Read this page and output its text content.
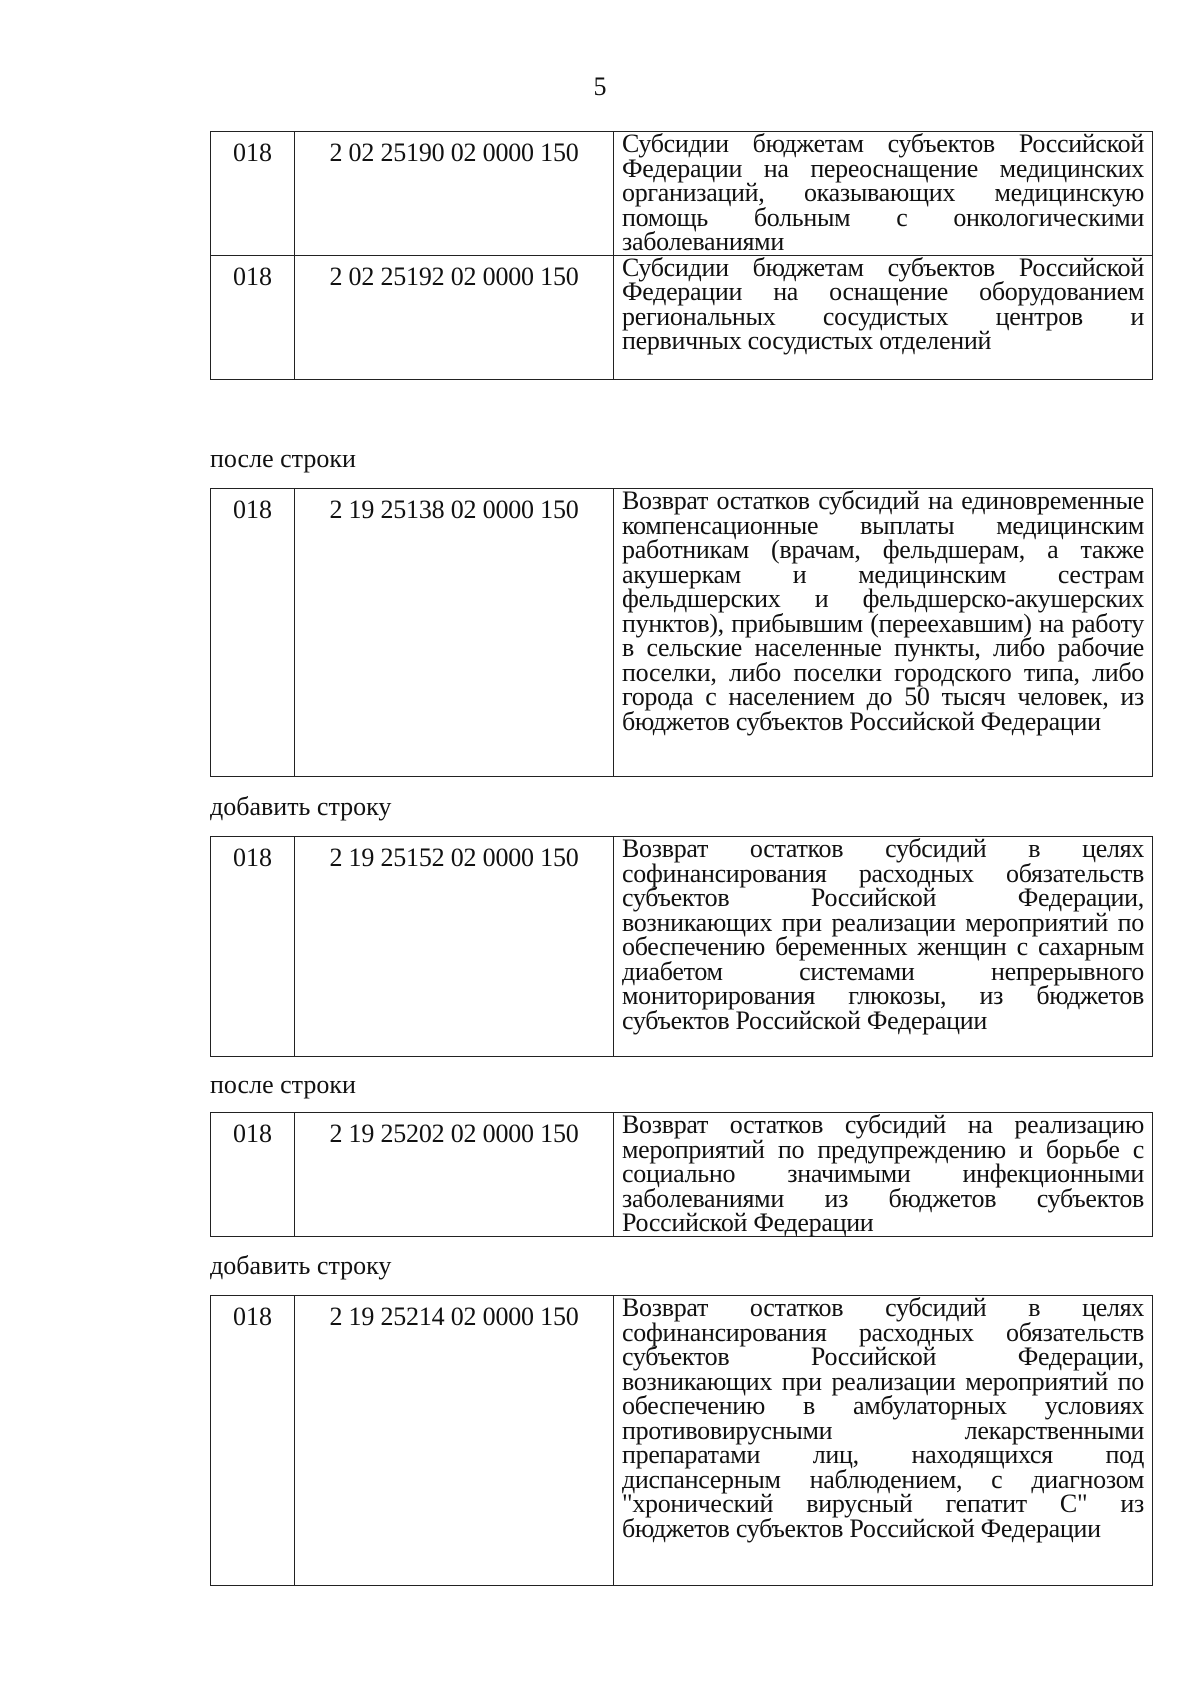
5
018	2 02 25190 02 0000 150	Субсидии бюджетам субъектов Российской Федерации на переоснащение медицинских организаций, оказывающих медицинскую помощь больным с онкологическими заболеваниями

018	2 02 25192 02 0000 150	Субсидии бюджетам субъектов Российской Федерации на оснащение оборудованием региональных сосудистых центров и первичных сосудистых отделений
после строки
018	2 19 25138 02 0000 150	Возврат остатков субсидий на единовременные компенсационные выплаты медицинским работникам (врачам, фельдшерам, а также акушеркам и медицинским сестрам фельдшерских и фельдшерско-акушерских пунктов), прибывшим (переехавшим) на работу в сельские населенные пункты, либо рабочие поселки, либо поселки городского типа, либо города с населением до 50 тысяч человек, из бюджетов субъектов Российской Федерации
добавить строку
018	2 19 25152 02 0000 150	Возврат остатков субсидий в целях софинансирования расходных обязательств субъектов Российской Федерации, возникающих при реализации мероприятий по обеспечению беременных женщин с сахарным диабетом системами непрерывного мониторирования глюкозы, из бюджетов субъектов Российской Федерации
после строки
018	2 19 25202 02 0000 150	Возврат остатков субсидий на реализацию мероприятий по предупреждению и борьбе с социально значимыми инфекционными заболеваниями из бюджетов субъектов Российской Федерации
добавить строку
018	2 19 25214 02 0000 150	Возврат остатков субсидий в целях софинансирования расходных обязательств субъектов Российской Федерации, возникающих при реализации мероприятий по обеспечению в амбулаторных условиях противовирусными лекарственными препаратами лиц, находящихся под диспансерным наблюдением, с диагнозом "хронический вирусный гепатит С" из бюджетов субъектов Российской Федерации
